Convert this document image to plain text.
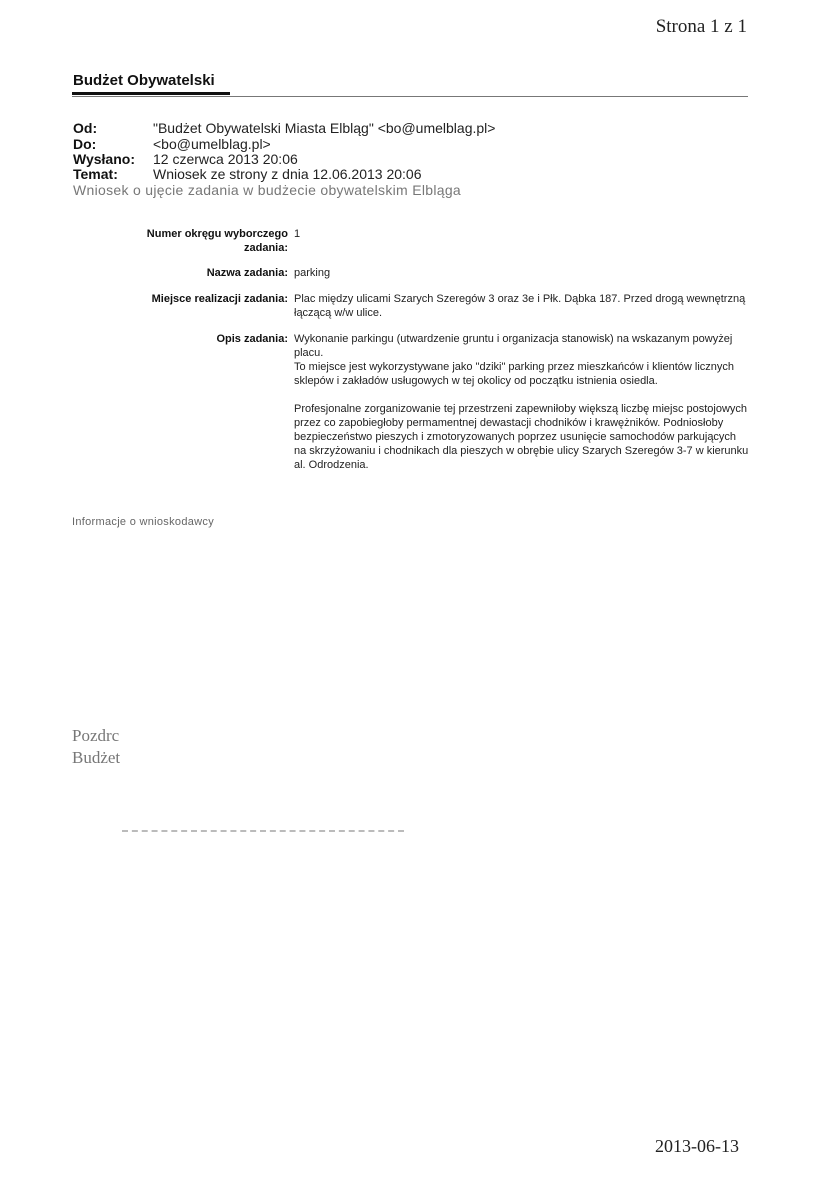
Strona 1 z 1
Budżet Obywatelski
Od:	"Budżet Obywatelski Miasta Elbląg" <bo@umelblag.pl>
Do:	<bo@umelblag.pl>
Wysłano: 12 czerwca 2013 20:06
Temat:	Wniosek ze strony z dnia 12.06.2013 20:06
Wniosek o ujęcie zadania w budżecie obywatelskim Elbląga
Numer okręgu wyborczego
zadania:
1
Nazwa zadania: parking
Miejsce realizacji zadania: Plac między ulicami Szarych Szeregów 3 oraz 3e i Płk. Dąbka 187. Przed drogą wewnętrzną łączącą w/w ulice.
Opis zadania: Wykonanie parkingu (utwardzenie gruntu i organizacja stanowisk) na wskazanym powyżej placu.
To miejsce jest wykorzystywane jako "dziki" parking przez mieszkańców i klientów licznych sklepów i zakładów usługowych w tej okolicy od początku istnienia osiedla.
Profesjonalne zorganizowanie tej przestrzeni zapewniłoby większą liczbę miejsc postojowych przez co zapobiegłoby permamentnej dewastacji chodników i krawężników. Podniosłoby bezpieczeństwo pieszych i zmotoryzowanych poprzez usunięcie samochodów parkujących na skrzyżowaniu i chodnikach dla pieszych w obrębie ulicy Szarych Szeregów 3-7 w kierunku al. Odrodzenia.
Informacje o wnioskodawcy
Pozdrc
Budżet
2013-06-13
